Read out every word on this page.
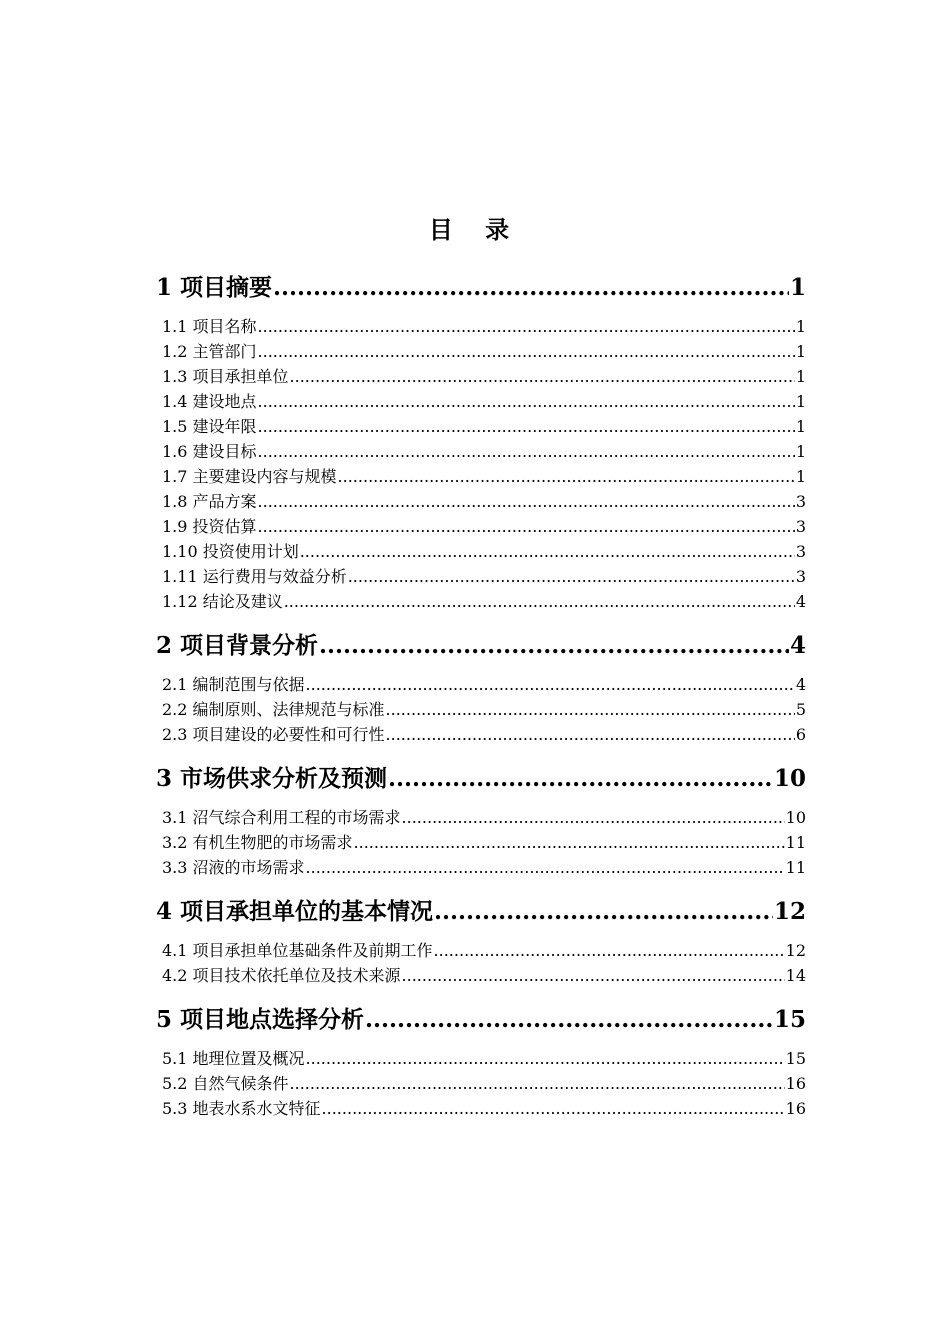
目 录
1 项目摘要 .....	1
1.1 项目名称 .....	1
1.2 主管部门 .....	1
1.3 项目承担单位 .....	1
1.4 建设地点 .....	1
1.5 建设年限 .....	1
1.6 建设目标 .....	1
1.7 主要建设内容与规模 .....	1
1.8 产品方案 .....	3
1.9 投资估算 .....	3
1.10 投资使用计划 .....	3
1.11 运行费用与效益分析 .....	3
1.12 结论及建议 .....	4
2 项目背景分析 .....	4
2.1 编制范围与依据 .....	4
2.2 编制原则、法律规范与标准 .....	5
2.3 项目建设的必要性和可行性 .....	6
3 市场供求分析及预测 .....	10
3.1 沼气综合利用工程的市场需求 .....	10
3.2 有机生物肥的市场需求 .....	11
3.3 沼液的市场需求 .....	11
4 项目承担单位的基本情况 .....	12
4.1 项目承担单位基础条件及前期工作 .....	12
4.2 项目技术依托单位及技术来源 .....	14
5 项目地点选择分析 .....	15
5.1 地理位置及概况 .....	15
5.2 自然气候条件 .....	16
5.3 地表水系水文特征 .....	16
